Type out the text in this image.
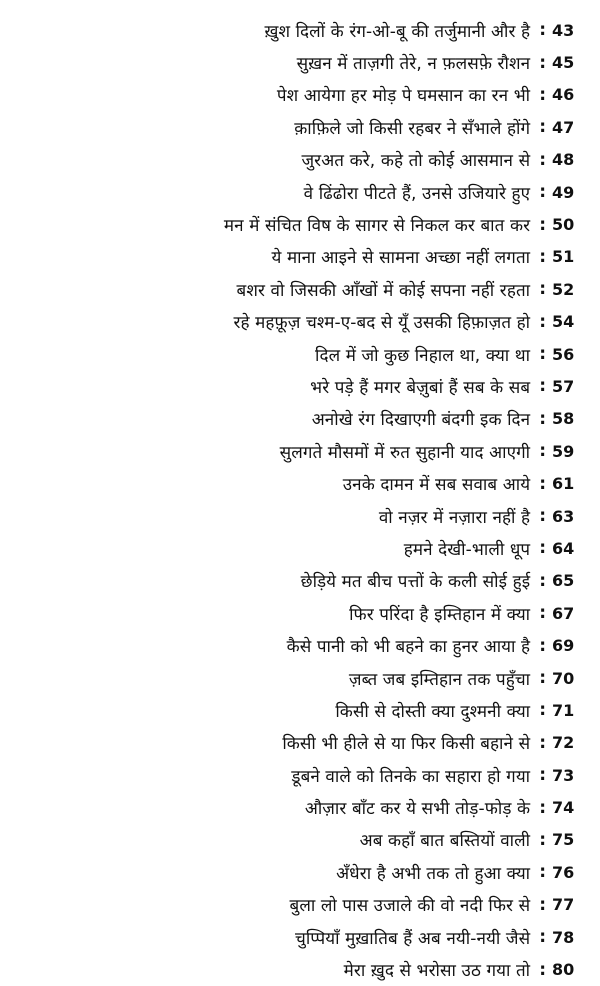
ख़ुश दिलों के रंग-ओ-बू की तर्जुमानी और है : 43
सुख़न में ताज़गी तेरे, न फ़लसफ़े रौशन : 45
पेश आयेगा हर मोड़ पे घमसान का रन भी : 46
क़ाफ़िले जो किसी रहबर ने सँभाले होंगे : 47
जुरअत करे, कहे तो कोई आसमान से : 48
वे ढिंढोरा पीटते हैं, उनसे उजियारे हुए : 49
मन में संचित विष के सागर से निकल कर बात कर : 50
ये माना आइने से सामना अच्छा नहीं लगता : 51
बशर वो जिसकी आँखों में कोई सपना नहीं रहता : 52
रहे महफ़ूज़ चश्म-ए-बद से यूँ उसकी हिफ़ाज़त हो : 54
दिल में जो कुछ निहाल था, क्या था : 56
भरे पड़े हैं मगर बेज़ुबां हैं सब के सब : 57
अनोखे रंग दिखाएगी बंदगी इक दिन : 58
सुलगते मौसमों में रुत सुहानी याद आएगी : 59
उनके दामन में सब सवाब आये : 61
वो नज़र में नज़ारा नहीं है : 63
हमने देखी-भाली धूप : 64
छेड़िये मत बीच पत्तों के कली सोई हुई : 65
फिर परिंदा है इम्तिहान में क्या : 67
कैसे पानी को भी बहने का हुनर आया है : 69
ज़ब्त जब इम्तिहान तक पहुँचा : 70
किसी से दोस्ती क्या दुश्मनी क्या : 71
किसी भी हीले से या फिर किसी बहाने से : 72
डूबने वाले को तिनके का सहारा हो गया : 73
औज़ार बाँट कर ये सभी तोड़-फोड़ के : 74
अब कहाँ बात बस्तियों वाली : 75
अँधेरा है अभी तक तो हुआ क्या : 76
बुला लो पास उजाले की वो नदी फिर से : 77
चुप्पियाँ मुख़ातिब हैं अब नयी-नयी जैसे : 78
मेरा ख़ुद से भरोसा उठ गया तो : 80
